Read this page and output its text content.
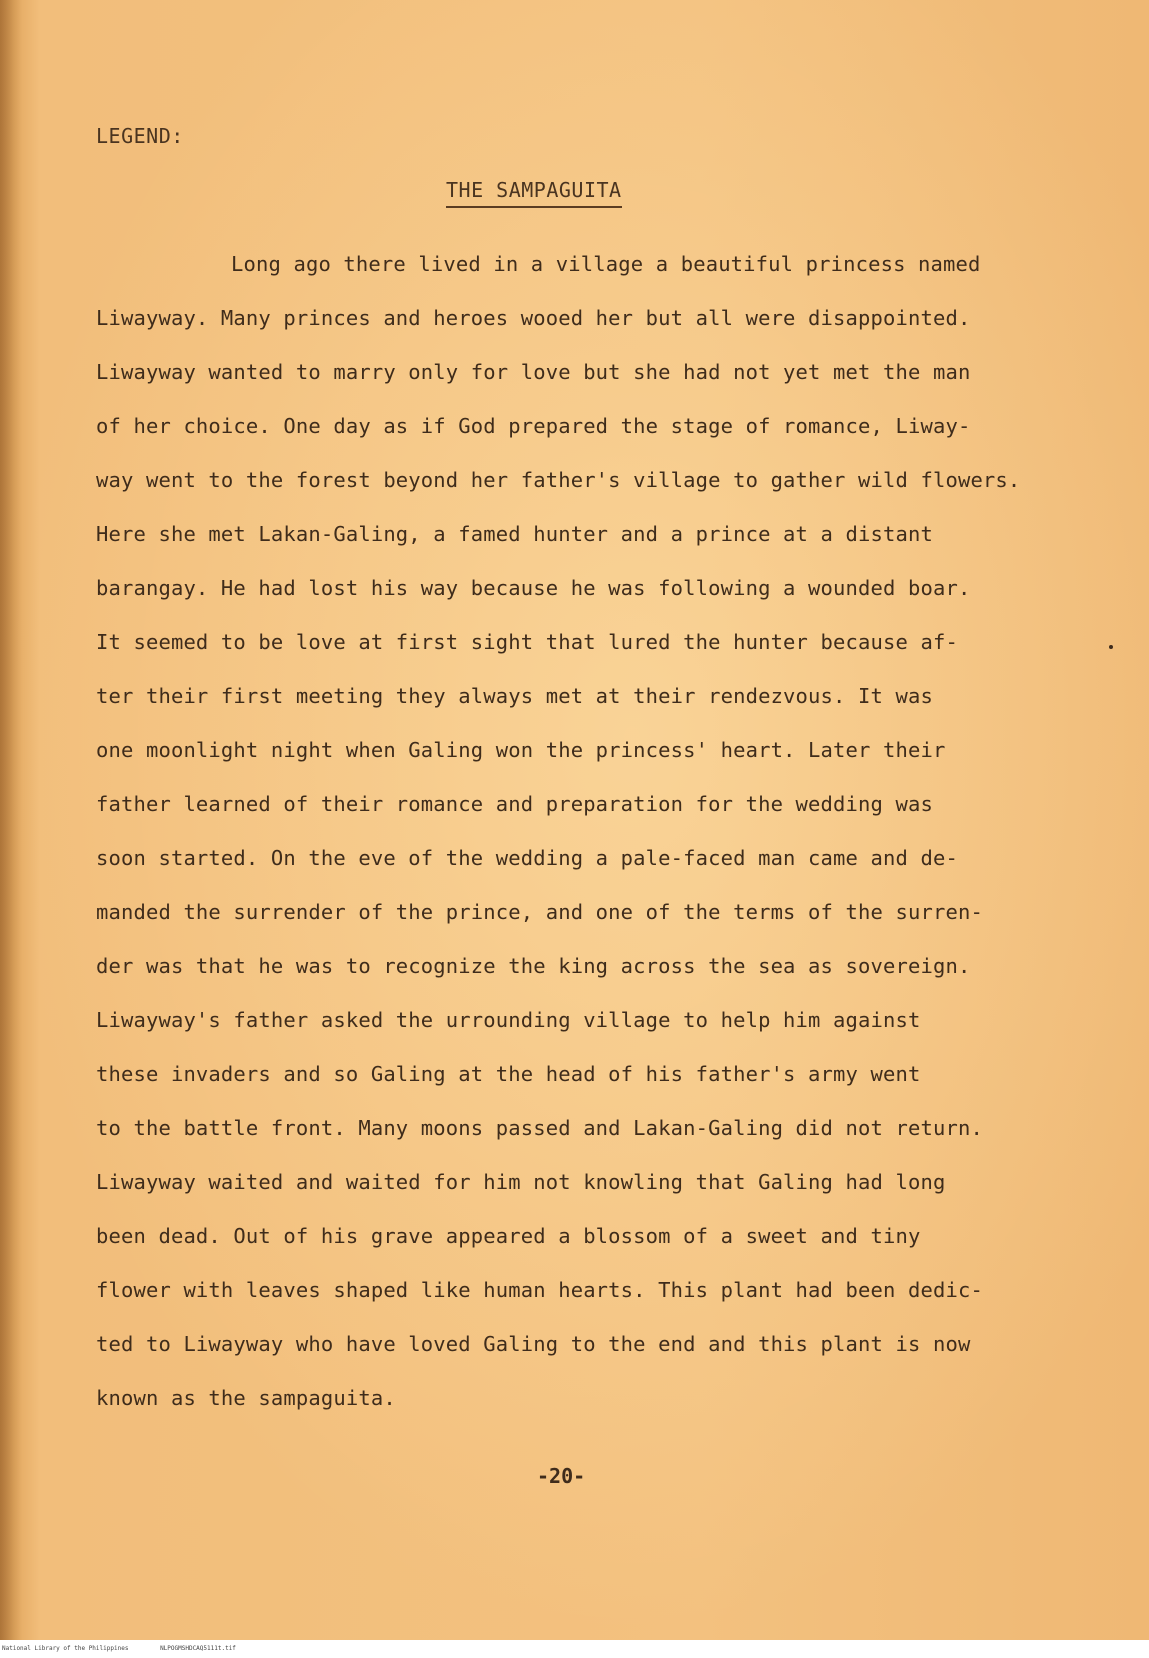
LEGEND:
THE SAMPAGUITA
Long ago there lived in a village a beautiful princess named
Liwayway. Many princes and heroes wooed her but all were disappointed.
Liwayway wanted to marry only for love but she had not yet met the man
of her choice. One day as if God prepared the stage of romance, Liway-
way went to the forest beyond her father's village to gather wild flowers.
Here she met Lakan-Galing, a famed hunter and a prince at a distant
barangay. He had lost his way because he was following a wounded boar.
It seemed to be love at first sight that lured the hunter because af-
ter their first meeting they always met at their rendezvous. It was
one moonlight night when Galing won the princess' heart. Later their
father learned of their romance and preparation for the wedding was
soon started. On the eve of the wedding a pale-faced man came and de-
manded the surrender of the prince, and one of the terms of the surren-
der was that he was to recognize the king across the sea as sovereign.
Liwayway's father asked the urrounding village to help him against
these invaders and so Galing at the head of his father's army went
to the battle front. Many moons passed and Lakan-Galing did not return.
Liwayway waited and waited for him not knowling that Galing had long
been dead. Out of his grave appeared a blossom of a sweet and tiny
flower with leaves shaped like human hearts. This plant had been dedic-
ted to Liwayway who have loved Galing to the end and this plant is now
known as the sampaguita.
-20-
National Library of the Philippines	NLPOGMSHDCAQ5111t.tif
